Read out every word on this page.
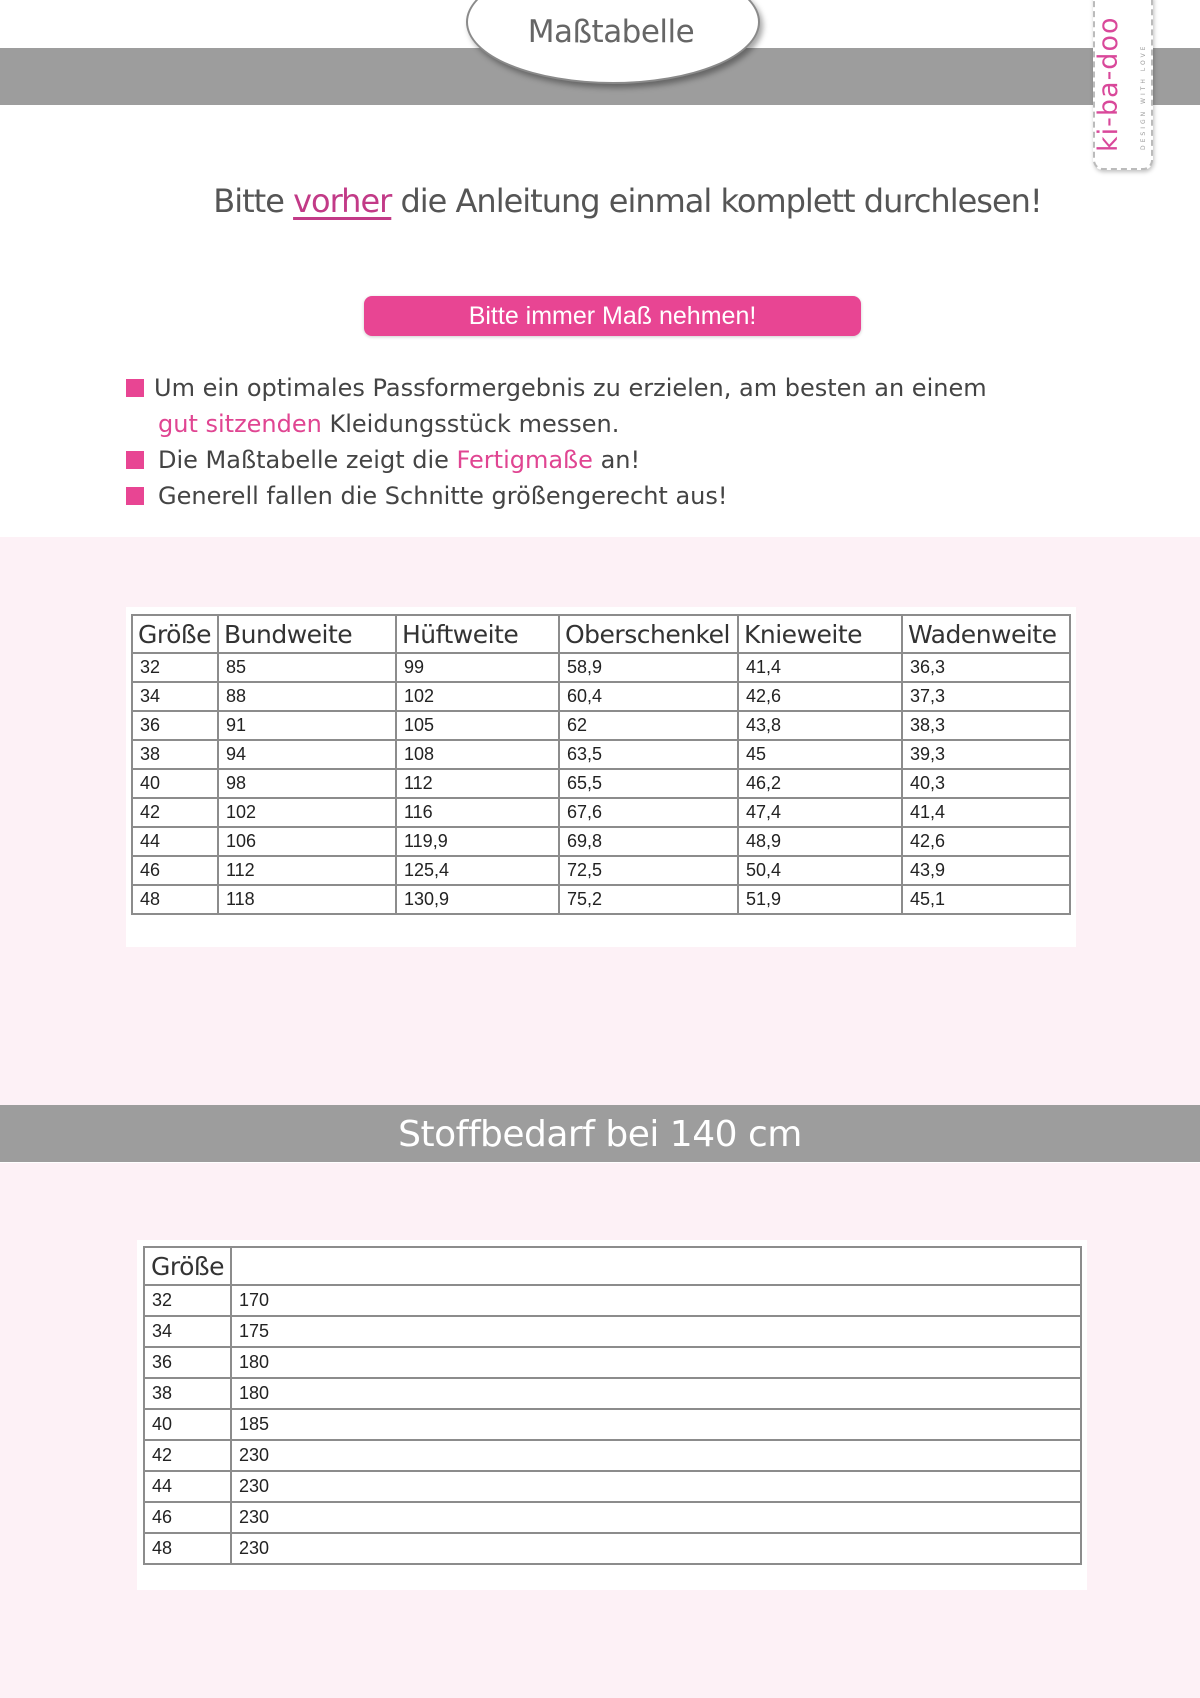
Maßtabelle	ki-ba-doo	DESIGN WITH LOVE
Bitte vorher die Anleitung einmal komplett durchlesen!
Bitte immer Maß nehmen!
Um ein optimales Passformergebnis zu erzielen, am besten an einem
gut sitzenden Kleidungsstück messen.
Die Maßtabelle zeigt die Fertigmaße an!
Generell fallen die Schnitte größengerecht aus!
Größe	Bundweite	Hüftweite	Oberschenkel	Knieweite	Wadenweite
32	85	99	58,9	41,4	36,3
34	88	102	60,4	42,6	37,3
36	91	105	62	43,8	38,3
38	94	108	63,5	45	39,3
40	98	112	65,5	46,2	40,3
42	102	116	67,6	47,4	41,4
44	106	119,9	69,8	48,9	42,6
46	112	125,4	72,5	50,4	43,9
48	118	130,9	75,2	51,9	45,1
Stoffbedarf bei 140 cm
Größe	
32	170
34	175
36	180
38	180
40	185
42	230
44	230
46	230
48	230
